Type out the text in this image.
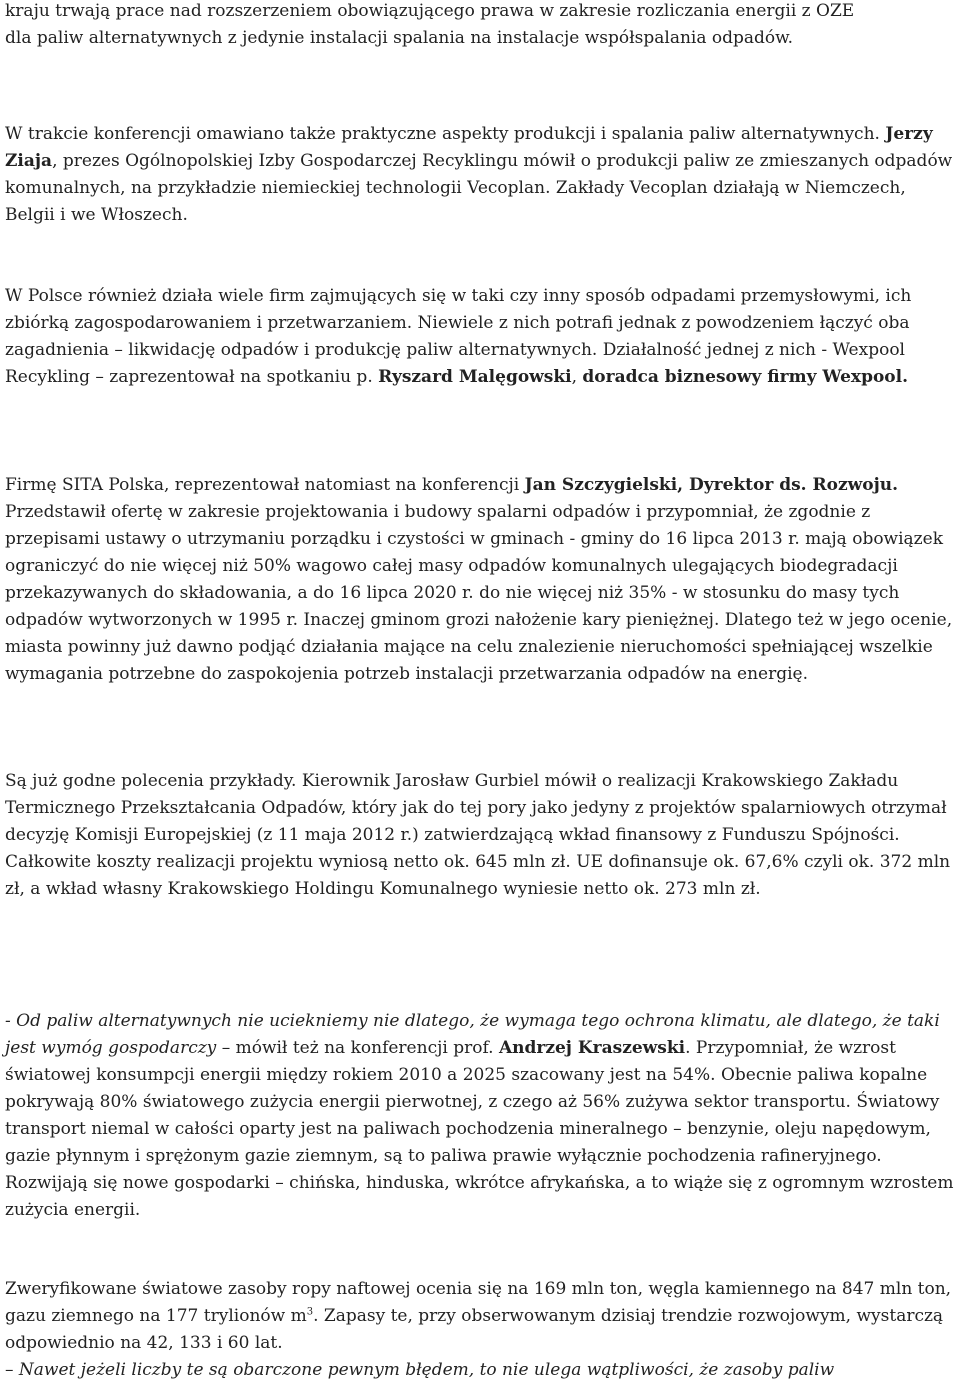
kraju trwają prace nad rozszerzeniem obowiązującego prawa w zakresie rozliczania energii z OZE
dla paliw alternatywnych z jedynie instalacji spalania na instalacje współspalania odpadów.

W trakcie konferencji omawiano także praktyczne aspekty produkcji i spalania paliw alternatywnych. Jerzy Ziaja, prezes Ogólnopolskiej Izby Gospodarczej Recyklingu mówił o produkcji paliw ze zmieszanych odpadów komunalnych, na przykładzie niemieckiej technologii Vecoplan. Zakłady Vecoplan działają w Niemczech, Belgii i we Włoszech.

W Polsce również działa wiele firm zajmujących się w taki czy inny sposób odpadami przemysłowymi, ich zbiórką zagospodarowaniem i przetwarzaniem. Niewiele z nich potrafi jednak z powodzeniem łączyć oba zagadnienia – likwidację odpadów i produkcję paliw alternatywnych. Działalność jednej z nich - Wexpool Recykling – zaprezentował na spotkaniu p. Ryszard Malęgowski, doradca biznesowy firmy Wexpool.

Firmę SITA Polska, reprezentował natomiast na konferencji Jan Szczygielski, Dyrektor ds. Rozwoju. Przedstawił ofertę w zakresie projektowania i budowy spalarni odpadów i przypomniał, że zgodnie z przepisami ustawy o utrzymaniu porządku i czystości w gminach - gminy do 16 lipca 2013 r. mają obowiązek ograniczyć do nie więcej niż 50% wagowo całej masy odpadów komunalnych ulegających biodegradacji przekazywanych do składowania, a do 16 lipca 2020 r. do nie więcej niż 35% - w stosunku do masy tych odpadów wytworzonych w 1995 r. Inaczej gminom grozi nałożenie kary pieniężnej. Dlatego też w jego ocenie, miasta powinny już dawno podjąć działania mające na celu znalezienie nieruchomości spełniającej wszelkie wymagania potrzebne do zaspokojenia potrzeb instalacji przetwarzania odpadów na energię.

Są już godne polecenia przykłady. Kierownik Jarosław Gurbiel mówił o realizacji Krakowskiego Zakładu Termicznego Przekształcania Odpadów, który jak do tej pory jako jedyny z projektów spalarniowych otrzymał decyzję Komisji Europejskiej (z 11 maja 2012 r.) zatwierdzającą wkład finansowy z Funduszu Spójności. Całkowite koszty realizacji projektu wyniosą netto ok. 645 mln zł. UE dofinansuje ok. 67,6% czyli ok. 372 mln zł, a wkład własny Krakowskiego Holdingu Komunalnego wyniesie netto ok. 273 mln zł.

- Od paliw alternatywnych nie uciekniemy nie dlatego, że wymaga tego ochrona klimatu, ale dlatego, że taki jest wymóg gospodarczy – mówił też na konferencji prof. Andrzej Kraszewski. Przypomniał, że wzrost światowej konsumpcji energii między rokiem 2010 a 2025 szacowany jest na 54%. Obecnie paliwa kopalne pokrywają 80% światowego zużycia energii pierwotnej, z czego aż 56% zużywa sektor transportu. Światowy transport niemal w całości oparty jest na paliwach pochodzenia mineralnego – benzynie, oleju napędowym, gazie płynnym i sprężonym gazie ziemnym, są to paliwa prawie wyłącznie pochodzenia rafineryjnego. Rozwijają się nowe gospodarki – chińska, hinduska, wkrótce afrykańska, a to wiąże się z ogromnym wzrostem zużycia energii.

Zweryfikowane światowe zasoby ropy naftowej ocenia się na 169 mln ton, węgla kamiennego na 847 mln ton, gazu ziemnego na 177 trylionów $m^3$. Zapasy te, przy obserwowanym dzisiaj trendzie rozwojowym, wystarczą odpowiednio na 42, 133 i 60 lat.
– Nawet jeżeli liczby te są obarczone pewnym błędem, to nie ulega wątpliwości, że zasoby paliw
